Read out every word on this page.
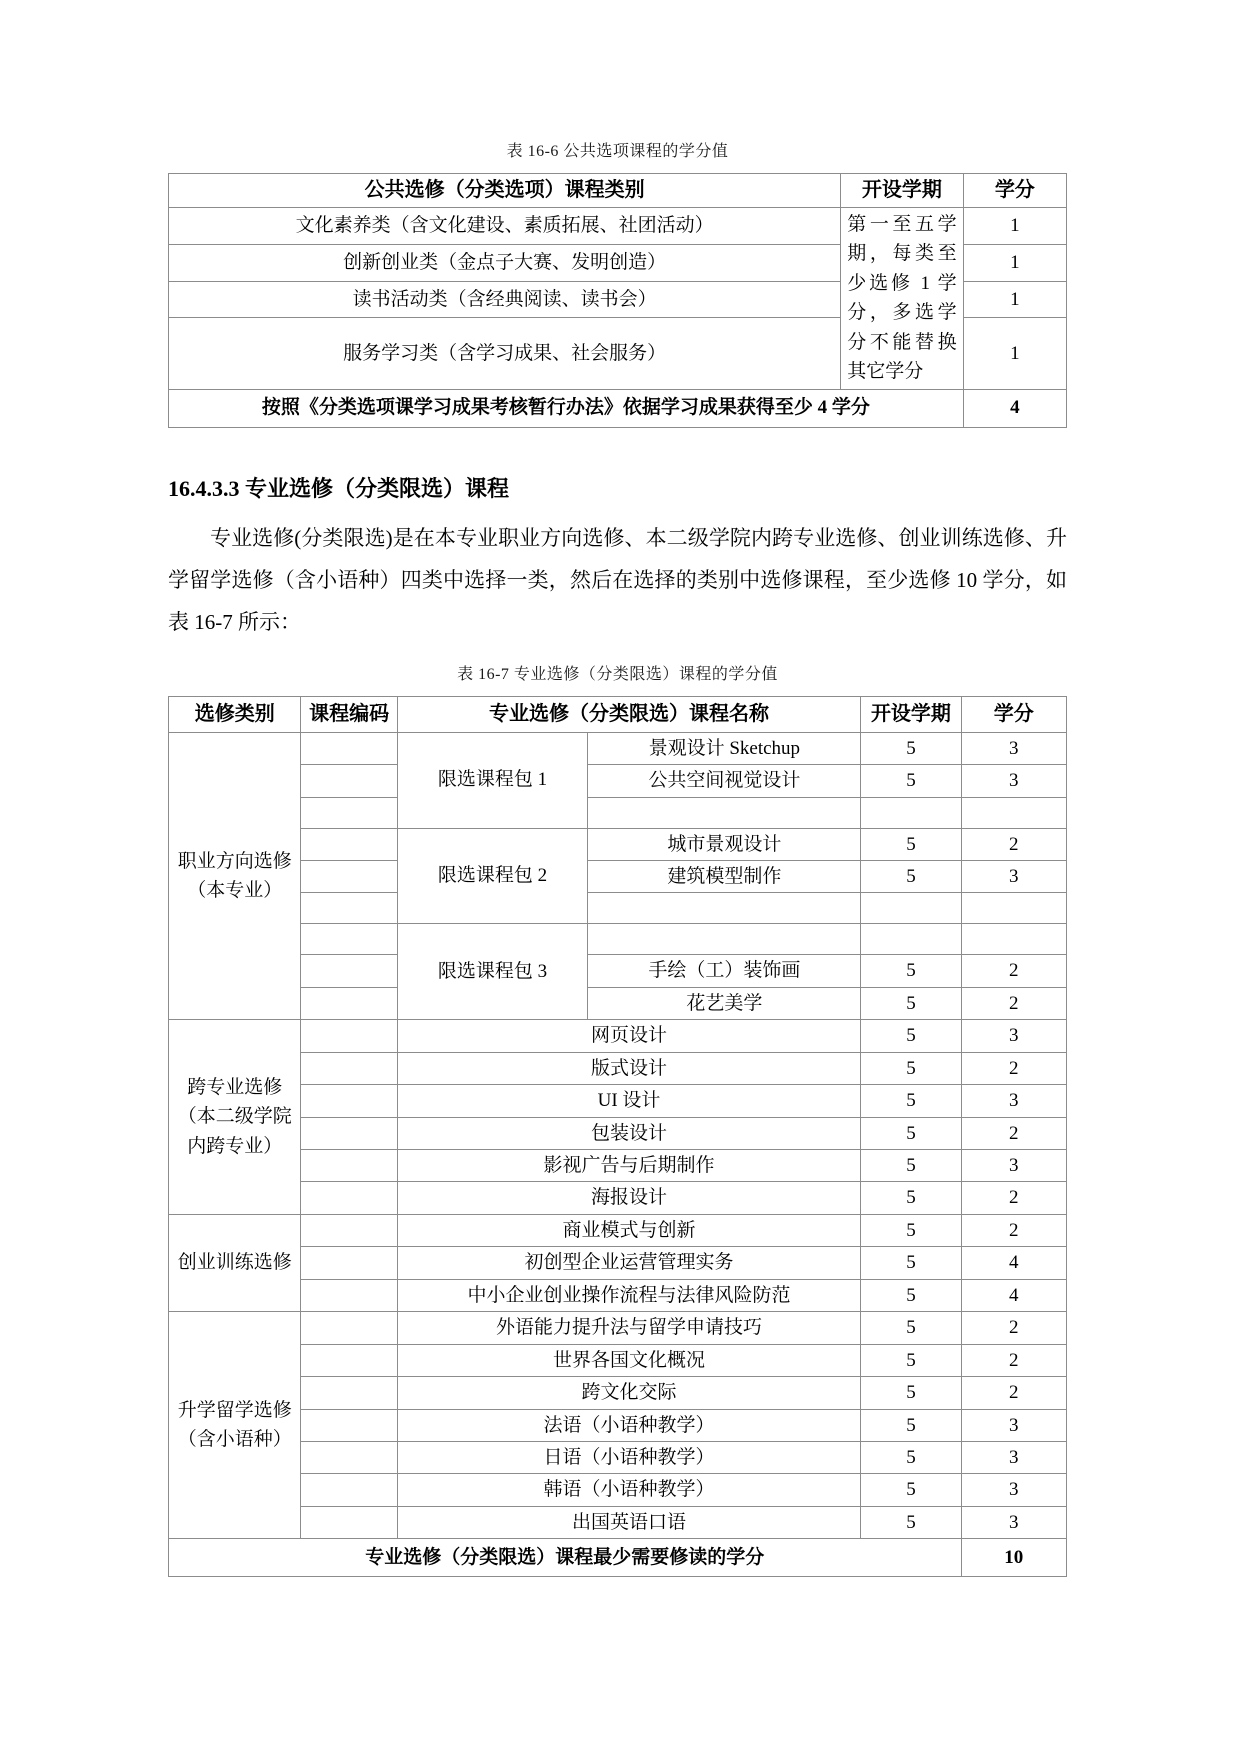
表 16-6 公共选项课程的学分值
公共选修（分类选项）课程类别	开设学期	学分
文化素养类（含文化建设、素质拓展、社团活动）	第一至五学期，每类至少选修 1 学分，多选学分不能替换其它学分	1
创新创业类（金点子大赛、发明创造）		1
读书活动类（含经典阅读、读书会）		1
服务学习类（含学习成果、社会服务）		1
按照《分类选项课学习成果考核暂行办法》依据学习成果获得至少 4 学分		4
16.4.3.3 专业选修（分类限选）课程

专业选修(分类限选)是在本专业职业方向选修、本二级学院内跨专业选修、创业训练选修、升学留学选修（含小语种）四类中选择一类，然后在选择的类别中选修课程，至少选修 10 学分，如表 16-7 所示：

表 16-7 专业选修（分类限选）课程的学分值
选修类别	课程编码	专业选修（分类限选）课程名称		开设学期	学分
职业方向选修（本专业）		限选课程包 1	景观设计 Sketchup	5	3
			公共空间视觉设计	5	3

		限选课程包 2	城市景观设计	5	2
			建筑模型制作	5	3

		限选课程包 3			
			手绘（工）装饰画	5	2
			花艺美学	5	2
跨专业选修（本二级学院内跨专业）		网页设计		5	3
		版式设计		5	2
		UI 设计		5	3
		包装设计		5	2
		影视广告与后期制作		5	3
		海报设计		5	2
创业训练选修		商业模式与创新		5	2
		初创型企业运营管理实务		5	4
		中小企业创业操作流程与法律风险防范		5	4
升学留学选修（含小语种）		外语能力提升法与留学申请技巧		5	2
		世界各国文化概况		5	2
		跨文化交际		5	2
		法语（小语种教学）		5	3
		日语（小语种教学）		5	3
		韩语（小语种教学）		5	3
		出国英语口语		5	3
专业选修（分类限选）课程最少需要修读的学分					10
